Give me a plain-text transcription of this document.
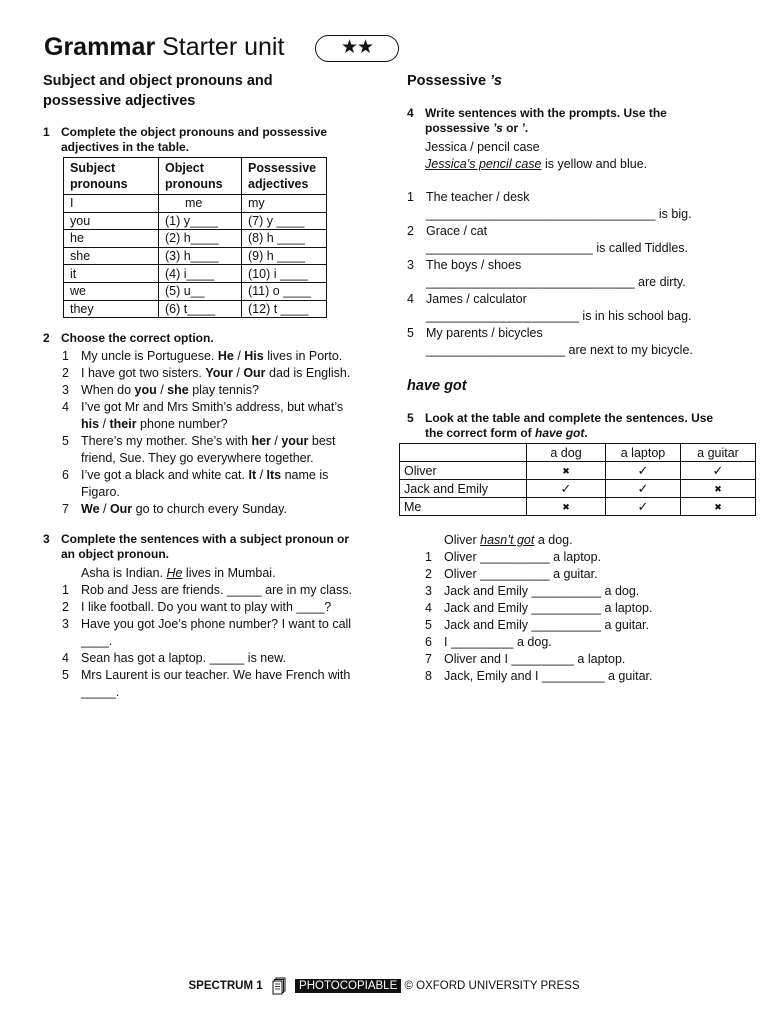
Grammar Starter unit	★★
Subject and object pronouns and
possessive adjectives
1 Complete the object pronouns and possessive adjectives in the table.
Subject pronouns	Object pronouns	Possessive adjectives
I	me	my
you	(1) y____	(7) y ____
he	(2) h____	(8) h ____
she	(3) h____	(9) h ____
it	(4) i____	(10) i ____
we	(5) u__	(11) o ____
they	(6) t____	(12) t ____
2 Choose the correct option.
1 My uncle is Portuguese. He / His lives in Porto.
2 I have got two sisters. Your / Our dad is English.
3 When do you / she play tennis?
4 I’ve got Mr and Mrs Smith’s address, but what’s his / their phone number?
5 There’s my mother. She’s with her / your best friend, Sue. They go everywhere together.
6 I’ve got a black and white cat. It / Its name is Figaro.
7 We / Our go to church every Sunday.
3 Complete the sentences with a subject pronoun or an object pronoun.
Asha is Indian. He lives in Mumbai.
1 Rob and Jess are friends. _____ are in my class.
2 I like football. Do you want to play with ____?
3 Have you got Joe’s phone number? I want to call ____.
4 Sean has got a laptop. _____ is new.
5 Mrs Laurent is our teacher. We have French with _____.
Possessive ’s
4 Write sentences with the prompts. Use the possessive ’s or ’.
Jessica / pencil case
Jessica’s pencil case is yellow and blue.
1 The teacher / desk
_________________________________ is big.
2 Grace / cat
________________________ is called Tiddles.
3 The boys / shoes
______________________________ are dirty.
4 James / calculator
______________________ is in his school bag.
5 My parents / bicycles
____________________ are next to my bicycle.
have got
5 Look at the table and complete the sentences. Use the correct form of have got.
	a dog	a laptop	a guitar
Oliver	✖	✓	✓
Jack and Emily	✓	✓	✖
Me	✖	✓	✖
Oliver hasn’t got a dog.
1 Oliver __________ a laptop.
2 Oliver __________ a guitar.
3 Jack and Emily __________ a dog.
4 Jack and Emily __________ a laptop.
5 Jack and Emily __________ a guitar.
6 I _________ a dog.
7 Oliver and I _________ a laptop.
8 Jack, Emily and I _________ a guitar.
SPECTRUM 1	PHOTOCOPIABLE © OXFORD UNIVERSITY PRESS
